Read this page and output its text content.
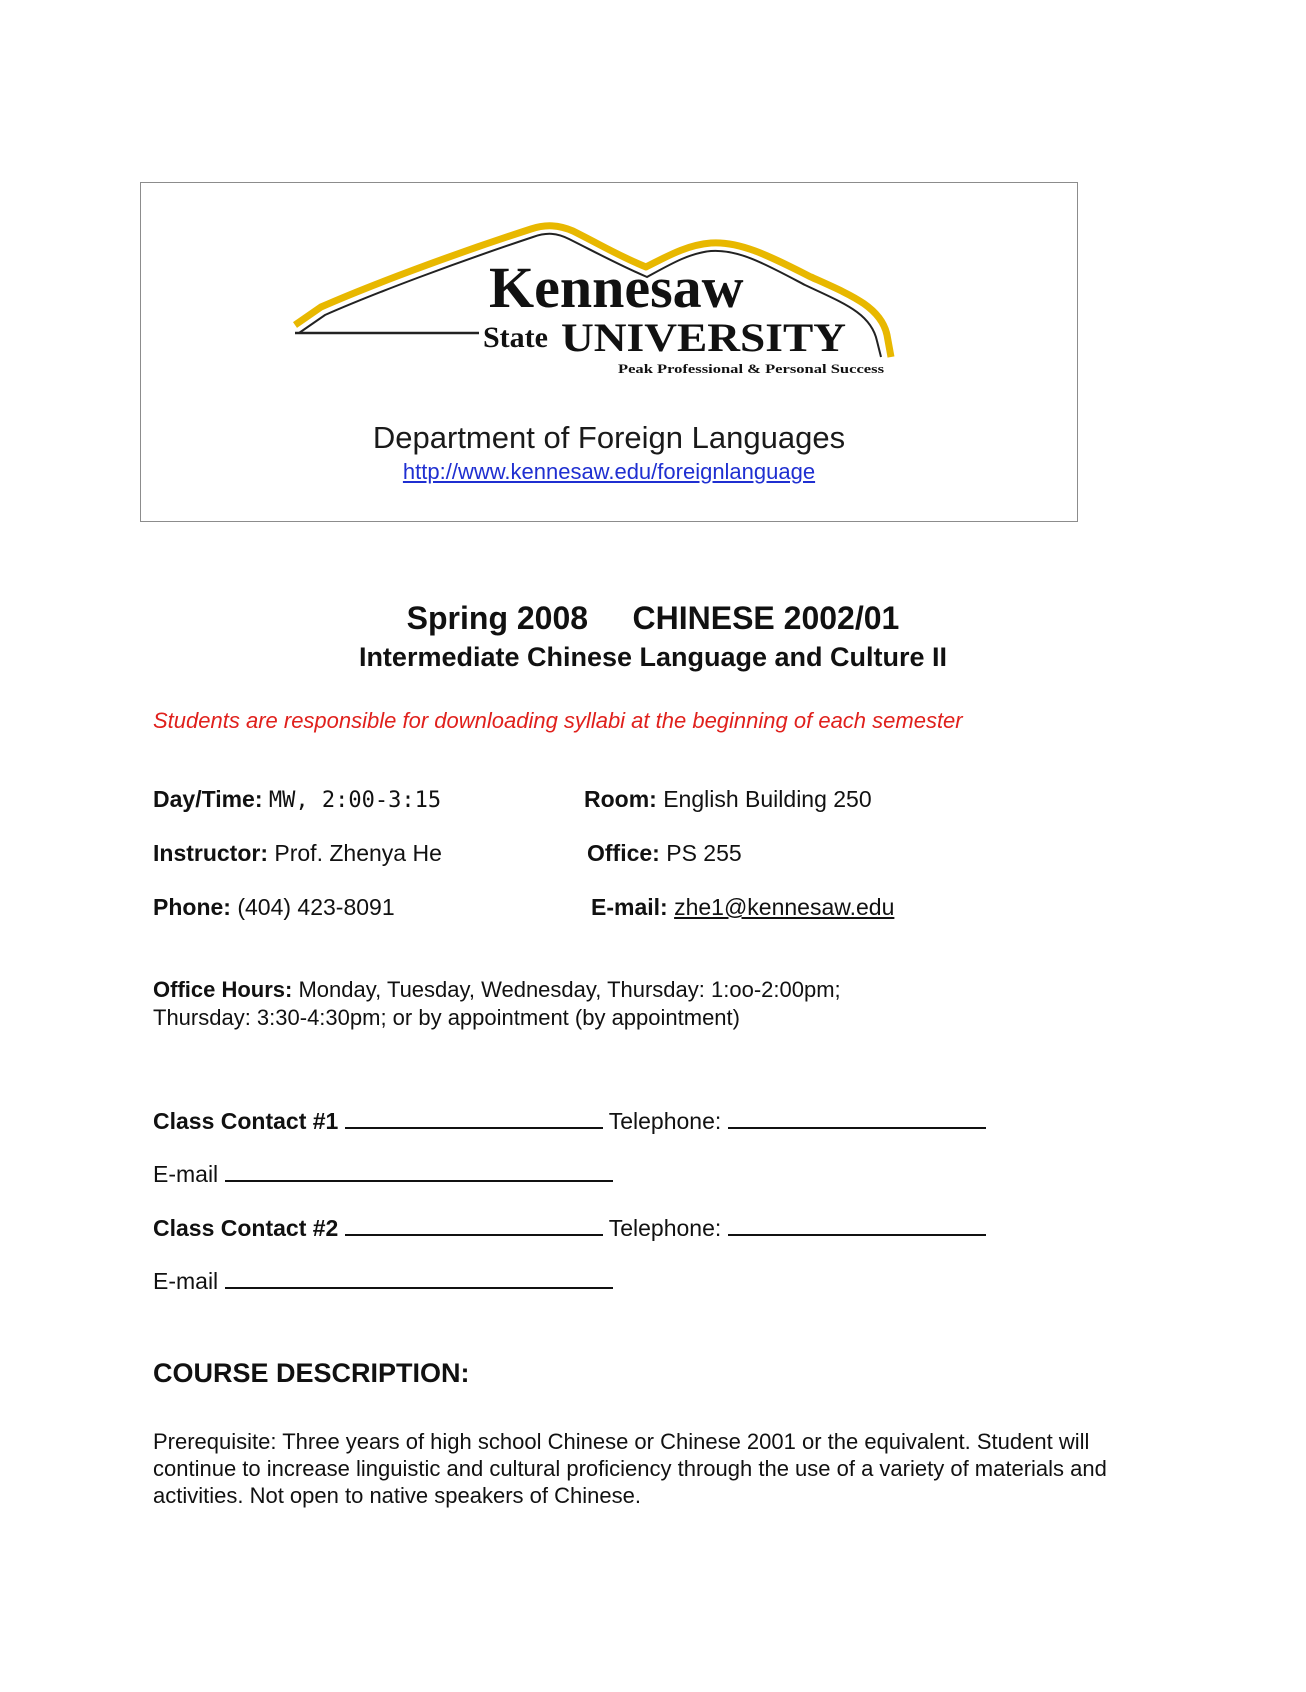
Kennesaw
State UNIVERSITY
Peak Professional & Personal Success
Department of Foreign Languages
http://www.kennesaw.edu/foreignlanguage
Spring 2008     CHINESE 2002/01
Intermediate Chinese Language and Culture II
Students are responsible for downloading syllabi at the beginning of each semester
Day/Time: MW, 2:00-3:15	Room: English Building 250
Instructor: Prof. Zhenya He	Office: PS 255
Phone: (404) 423-8091	E-mail: zhe1@kennesaw.edu
Office Hours: Monday, Tuesday, Wednesday, Thursday: 1:oo-2:00pm;
Thursday: 3:30-4:30pm; or by appointment (by appointment)
Class Contact #1	Telephone:
E-mail
Class Contact #2	Telephone:
E-mail
COURSE DESCRIPTION:
Prerequisite: Three years of high school Chinese or Chinese 2001 or the equivalent. Student will continue to increase linguistic and cultural proficiency through the use of a variety of materials and activities. Not open to native speakers of Chinese.
